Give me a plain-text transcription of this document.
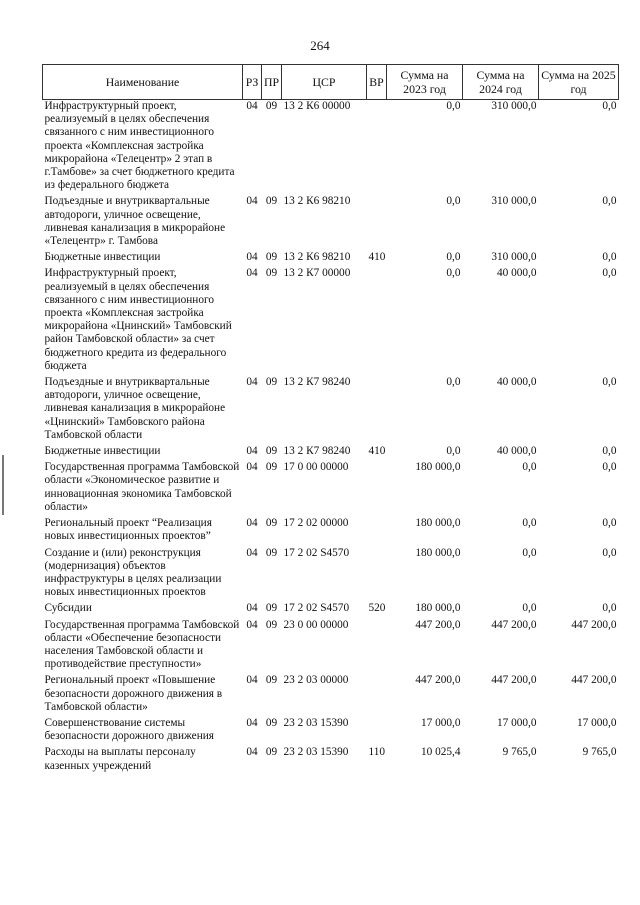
264
Наименование	РЗ	ПР	ЦСР	ВР	Сумма на 2023 год	Сумма на 2024 год	Сумма на 2025 год
Инфраструктурный проект, реализуемый в целях обеспечения связанного с ним инвестиционного проекта «Комплексная застройка микрорайона «Телецентр» 2 этап в г.Тамбове» за счет бюджетного кредита из федерального бюджета	04	09	13 2 К6 00000		0,0	310 000,0	0,0
Подъездные и внутриквартальные автодороги, уличное освещение, ливневая канализация в микрорайоне «Телецентр» г. Тамбова	04	09	13 2 К6 98210		0,0	310 000,0	0,0
Бюджетные инвестиции	04	09	13 2 К6 98210	410	0,0	310 000,0	0,0
Инфраструктурный проект, реализуемый в целях обеспечения связанного с ним инвестиционного проекта «Комплексная застройка микрорайона «Цнинский» Тамбовский район Тамбовской области» за счет бюджетного кредита из федерального бюджета	04	09	13 2 К7 00000		0,0	40 000,0	0,0
Подъездные и внутриквартальные автодороги, уличное освещение, ливневая канализация в микрорайоне «Цнинский» Тамбовского района Тамбовской области	04	09	13 2 К7 98240		0,0	40 000,0	0,0
Бюджетные инвестиции	04	09	13 2 К7 98240	410	0,0	40 000,0	0,0
Государственная программа Тамбовской области «Экономическое развитие и инновационная экономика Тамбовской области»	04	09	17 0 00 00000		180 000,0	0,0	0,0
Региональный проект “Реализация новых инвестиционных проектов”	04	09	17 2 02 00000		180 000,0	0,0	0,0
Создание и (или) реконструкция (модернизация) объектов инфраструктуры в целях реализации новых инвестиционных проектов	04	09	17 2 02 S4570		180 000,0	0,0	0,0
Субсидии	04	09	17 2 02 S4570	520	180 000,0	0,0	0,0
Государственная программа Тамбовской области «Обеспечение безопасности населения Тамбовской области и противодействие преступности»	04	09	23 0 00 00000		447 200,0	447 200,0	447 200,0
Региональный проект «Повышение безопасности дорожного движения в Тамбовской области»	04	09	23 2 03 00000		447 200,0	447 200,0	447 200,0
Совершенствование системы безопасности дорожного движения	04	09	23 2 03 15390		17 000,0	17 000,0	17 000,0
Расходы на выплаты персоналу казенных учреждений	04	09	23 2 03 15390	110	10 025,4	9 765,0	9 765,0
